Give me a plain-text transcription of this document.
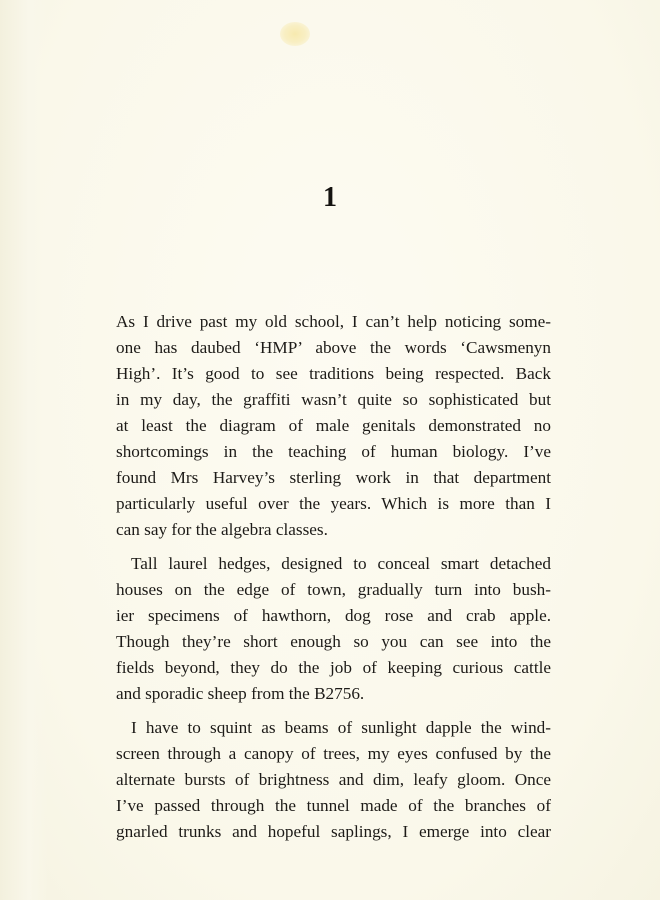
1
As I drive past my old school, I can’t help noticing some-
one has daubed ‘HMP’ above the words ‘Cawsmenyn
High’. It’s good to see traditions being respected. Back
in my day, the graffiti wasn’t quite so sophisticated but
at least the diagram of male genitals demonstrated no
shortcomings in the teaching of human biology. I’ve
found Mrs Harvey’s sterling work in that department
particularly useful over the years. Which is more than I
can say for the algebra classes.
Tall laurel hedges, designed to conceal smart detached
houses on the edge of town, gradually turn into bush-
ier specimens of hawthorn, dog rose and crab apple.
Though they’re short enough so you can see into the
fields beyond, they do the job of keeping curious cattle
and sporadic sheep from the B2756.
I have to squint as beams of sunlight dapple the wind-
screen through a canopy of trees, my eyes confused by the
alternate bursts of brightness and dim, leafy gloom. Once
I’ve passed through the tunnel made of the branches of
gnarled trunks and hopeful saplings, I emerge into clear
